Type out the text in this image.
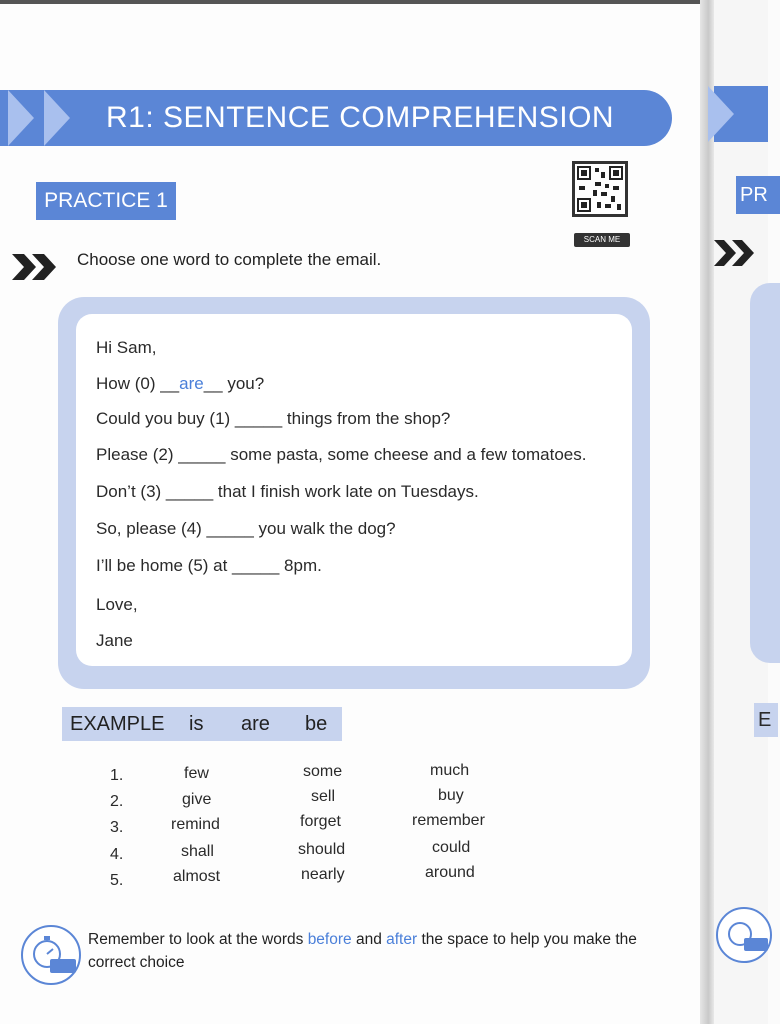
R1: SENTENCE COMPREHENSION
PRACTICE 1
SCAN ME
Choose one word to complete the email.
Hi Sam,
How (0) __are__ you?
Could you buy (1) _____ things from the shop?
Please (2) _____ some pasta, some cheese and a few tomatoes.
Don’t (3) _____ that I finish work late on Tuesdays.
So, please (4) _____ you walk the dog?
I’ll be home (5) at _____ 8pm.
Love,
Jane
EXAMPLE is are be
1.	few	some	much
2.	give	sell	buy
3.	remind	forget	remember
4.	shall	should	could
5.	almost	nearly	around
Remember to look at the words before and after the space to help you make the
correct choice
PR
E
